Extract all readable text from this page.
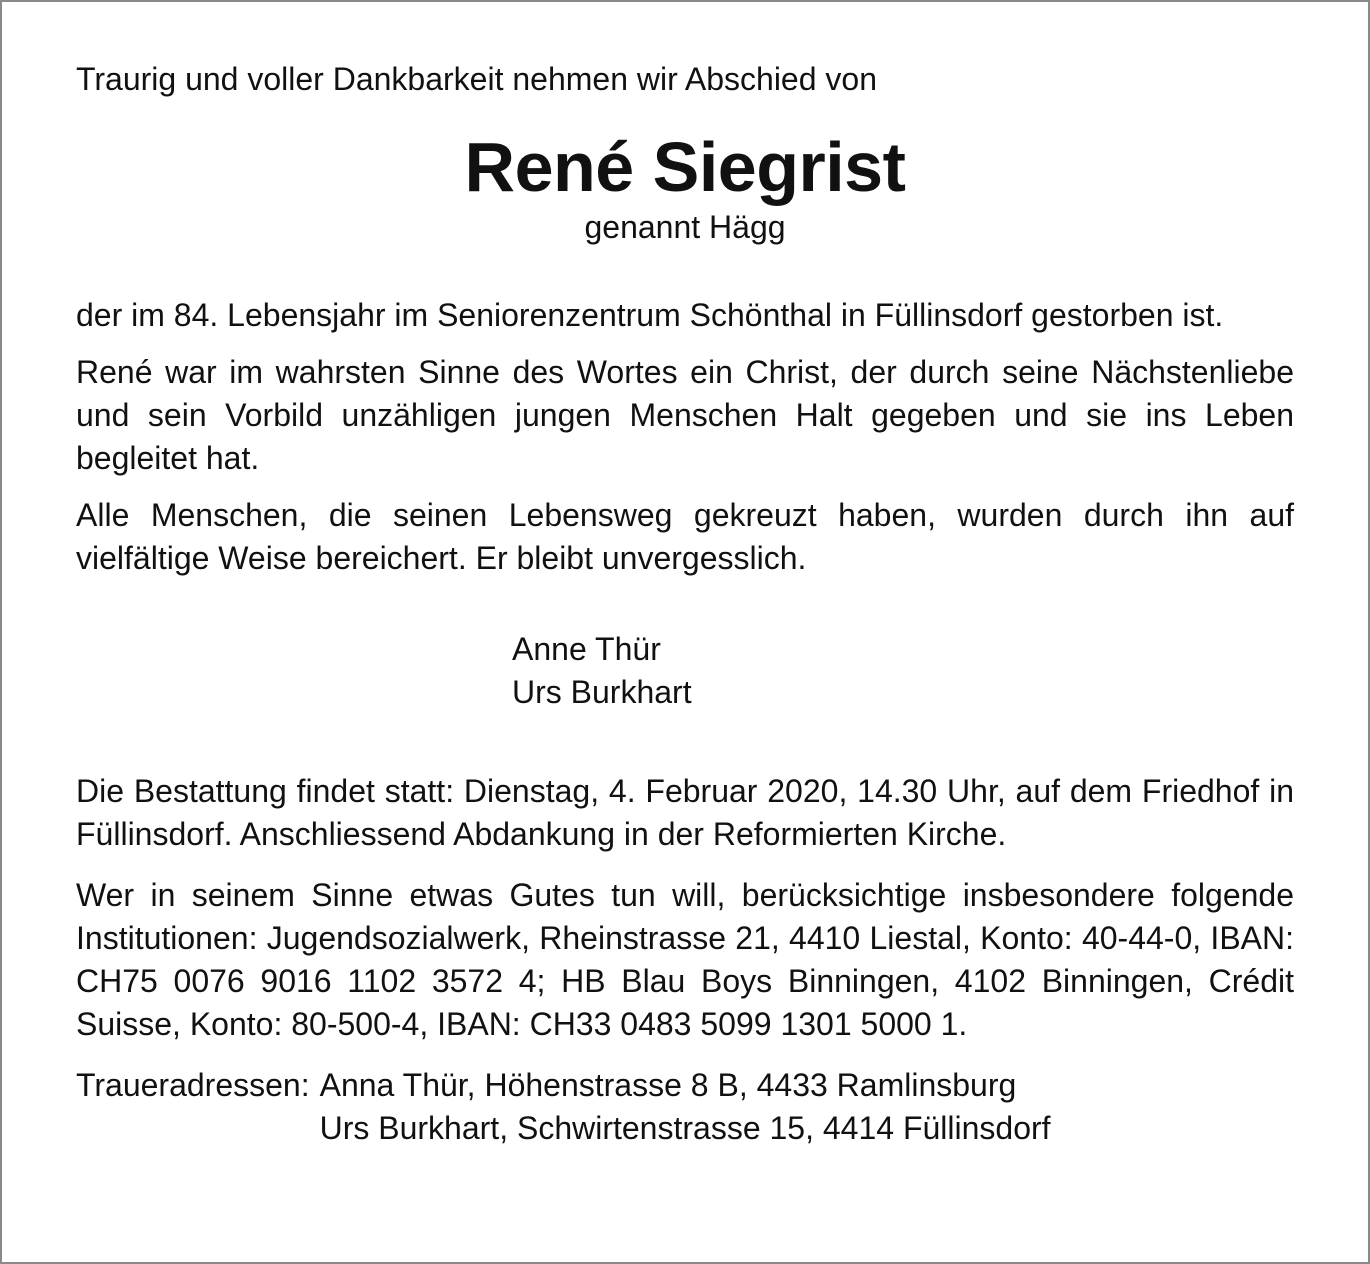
Traurig und voller Dankbarkeit nehmen wir Abschied von

René Siegrist

genannt Hägg

der im 84. Lebensjahr im Seniorenzentrum Schönthal in Füllinsdorf gestorben ist.

René war im wahrsten Sinne des Wortes ein Christ, der durch seine Nächstenliebe und sein Vorbild unzähligen jungen Menschen Halt gegeben und sie ins Leben begleitet hat.

Alle Menschen, die seinen Lebensweg gekreuzt haben, wurden durch ihn auf vielfältige Weise bereichert. Er bleibt unvergesslich.

Anne Thür
Urs Burkhart

Die Bestattung findet statt: Dienstag, 4. Februar 2020, 14.30 Uhr, auf dem Friedhof in Füllinsdorf. Anschliessend Abdankung in der Reformierten Kirche.

Wer in seinem Sinne etwas Gutes tun will, berücksichtige insbesondere folgende Institutionen: Jugendsozialwerk, Rheinstrasse 21, 4410 Liestal, Konto: 40-44-0, IBAN: CH75 0076 9016 1102 3572 4; HB Blau Boys Binningen, 4102 Binningen, Crédit Suisse, Konto: 80-500-4, IBAN: CH33 0483 5099 1301 5000 1.

Traueradressen: Anna Thür, Höhenstrasse 8 B, 4433 Ramlinsburg
Urs Burkhart, Schwirtenstrasse 15, 4414 Füllinsdorf
